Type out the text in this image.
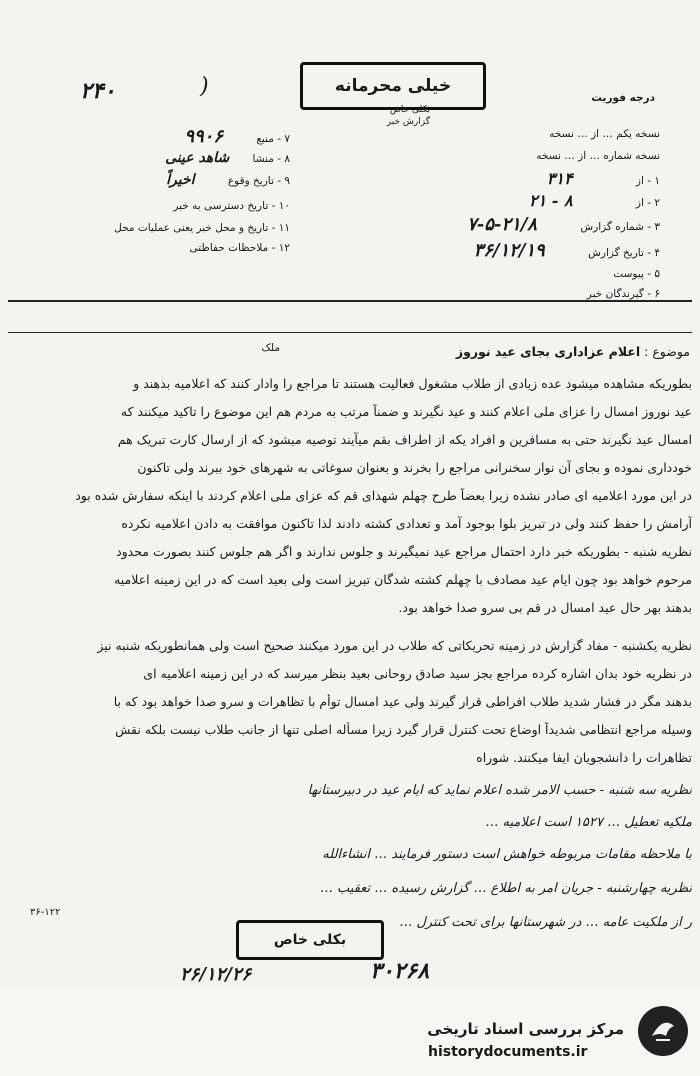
۲۴۰	)	خیلی محرمانه
بکلی خاص
گزارش خبر
درجه فوریت
نسخه یکم … از … نسخه
نسخه شماره … از … نسخه
۱ - از ۳۱۴
۲ - از ۸ - ۲۱
۳ - شماره گزارش ۲۱/۸-۵-۷
۴ - تاریخ گزارش ۳۶/۱۲/۱۹
۵ - پیوست
۶ - گیرندگان خبر
۷ - منبع ۹۹۰۶
۸ - منشا شاهد عینی
۹ - تاریخ وقوع اخیراً
۱۰ - تاریخ دسترسی به خبر
۱۱ - تاریخ و محل خبر یعنی عملیات محل
۱۲ - ملاحظات حفاظتی
موضوع : اعلام عزاداری بجای عید نوروز
ملک
بطوریکه مشاهده میشود عده زیادی از طلاب مشغول فعالیت هستند تا مراجع را وادار کنند که اعلامیه بدهند و
عید نوروز امسال را عزای ملی اعلام کنند و عید نگیرند و ضمناً مرتب به مردم هم این موضوع را تاکید میکنند که
امسال عید نگیرند حتی به مسافرین و افراد یکه از اطراف بقم میآیند توصیه میشود که از ارسال کارت تبریک هم
خودداری نموده و بجای آن نوار سخنرانی مراجع را بخرند و بعنوان سوغاتی به شهرهای خود ببرند ولی تاکنون
در این مورد اعلامیه ای صادر نشده زیرا بعضاً طرح چهلم شهدای قم که عزای ملی اعلام کردند با اینکه سفارش شده بود
آرامش را حفظ کنند ولی در تبریز بلوا بوجود آمد و تعدادی کشته دادند لذا تاکنون موافقت به دادن اعلامیه نکرده
نظریه شنبه - بطوریکه خبر دارد احتمال مراجع عید نمیگیرند و جلوس ندارند و اگر هم جلوس کنند بصورت محدود
مرحوم خواهد بود چون ایام عید مصادف با چهلم کشته شدگان تبریز است ولی بعید است که در این زمینه اعلامیه
بدهند بهر حال عید امسال در قم بی سرو صدا خواهد بود.
نظریه یکشنبه - مفاد گزارش در زمینه تحریکاتی که طلاب در این مورد میکنند صحیح است ولی همانطوریکه شنبه نیز
در نظریه خود بدان اشاره کرده مراجع بجز سید صادق روحانی بعید بنظر میرسد که در این زمینه اعلامیه ای
بدهند مگر در فشار شدید طلاب افراطی قرار گیرند ولی عید امسال توأم با تظاهرات و سرو صدا خواهد بود که با
وسیله مراجع انتظامی شدیداً اوضاع تحت کنترل قرار گیرد زیرا مسأله اصلی تنها از جانب طلاب نیست بلکه نقش
تظاهرات را دانشجویان ایفا میکنند. شوراه
نظریه سه شنبه - حسب الامر شده اعلام نماید که ایام عید در دبیرستانها
ملکیه تعطیل … ۱۵۲۷ است اعلامیه …
با ملاحظه مقامات مربوطه خواهش است دستور فرمایند … انشاءالله
نظریه چهارشنبه - جریان امر به اطلاع … گزارش رسیده … تعقیب …
ر از ملکیت عامه … در شهرستانها برای تحت کنترل …
بکلی خاص
۳۶-۱۲۲
۲۶/۱۲/۲۶	۳۰۲۶۸
مرکز بررسی اسناد تاریخی
historydocuments.ir
